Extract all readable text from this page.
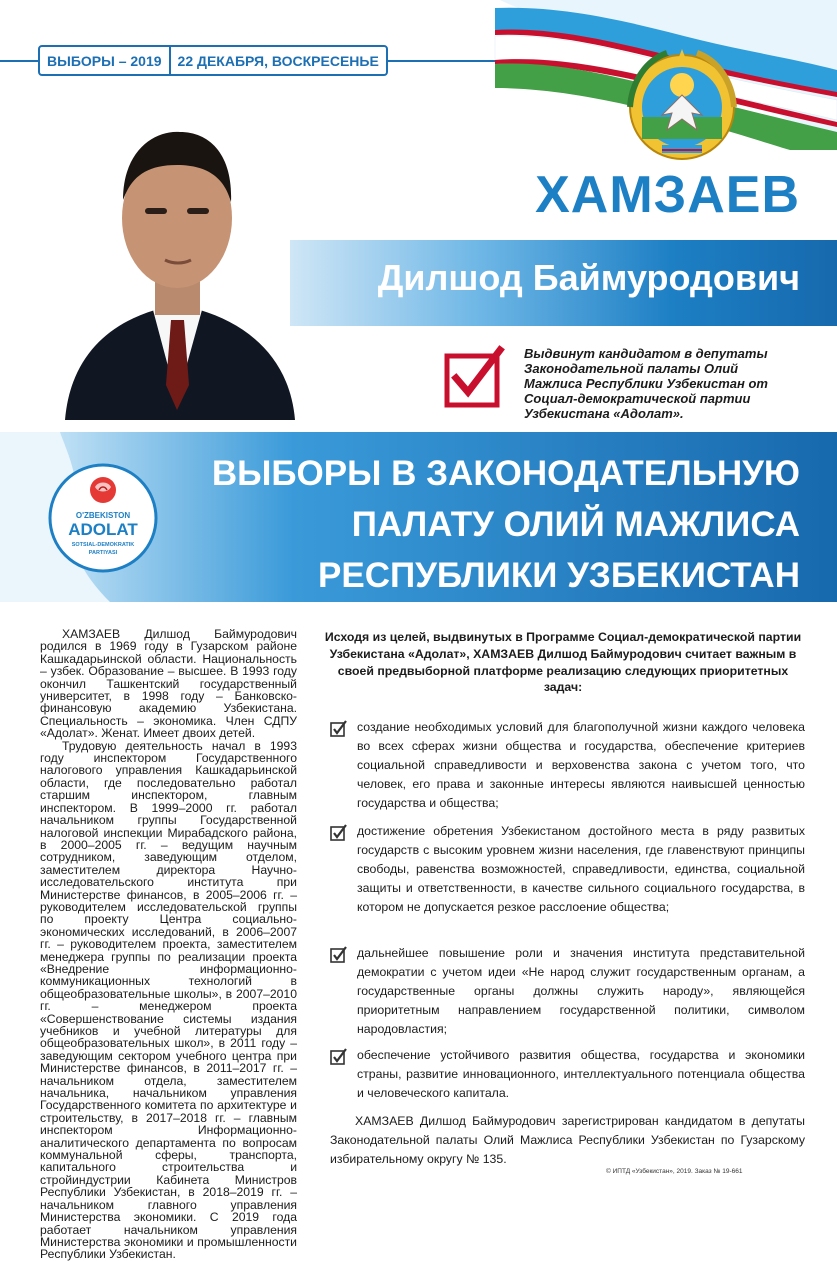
ВЫБОРЫ – 2019	22 ДЕКАБРЯ, ВОСКРЕСЕНЬЕ
ХАМЗАЕВ
Дилшод Баймуродович
Выдвинут кандидатом в депутаты Законодательной палаты Олий Мажлиса Республики Узбекистан от Социал-демократической партии Узбекистана «Адолат».
ВЫБОРЫ В ЗАКОНОДАТЕЛЬНУЮ
ПАЛАТУ ОЛИЙ МАЖЛИСА
РЕСПУБЛИКИ УЗБЕКИСТАН
O'ZBEKISTON
ADOLAT
SOTSIAL-DEMOKRATIK
PARTIYASI

ХАМЗАЕВ Дилшод Баймуродович родился в 1969 году в Гузарском районе Кашкадарьинской области. Национальность – узбек. Образование – высшее. В 1993 году окончил Ташкентский государственный университет, в 1998 году – Банковско-финансовую академию Узбекистана. Специальность – экономика. Член СДПУ «Адолат». Женат. Имеет двоих детей.

Трудовую деятельность начал в 1993 году инспектором Государственного налогового управления Кашкадарьинской области, где последовательно работал старшим инспектором, главным инспектором. В 1999–2000 гг. работал начальником группы Государственной налоговой инспекции Мирабадского района, в 2000–2005 гг. – ведущим научным сотрудником, заведующим отделом, заместителем директора Научно-исследовательского института при Министерстве финансов, в 2005–2006 гг. – руководителем исследовательской группы по проекту Центра социально-экономических исследований, в 2006–2007 гг. – руководителем проекта, заместителем менеджера группы по реализации проекта «Внедрение информационно-коммуникационных технологий в общеобразовательные школы», в 2007–2010 гг. – менеджером проекта «Совершенствование системы издания учебников и учебной литературы для общеобразовательных школ», в 2011 году – заведующим сектором учебного центра при Министерстве финансов, в 2011–2017 гг. – начальником отдела, заместителем начальника, начальником управления Государственного комитета по архитектуре и строительству, в 2017–2018 гг. – главным инспектором Информационно-аналитического департамента по вопросам коммунальной сферы, транспорта, капитального строительства и стройиндустрии Кабинета Министров Республики Узбекистан, в 2018–2019 гг. – начальником главного управления Министерства экономики. С 2019 года работает начальником управления Министерства экономики и промышленности Республики Узбекистан.

Исходя из целей, выдвинутых в Программе Социал-демократической партии Узбекистана «Адолат», ХАМЗАЕВ Дилшод Баймуродович считает важным в своей предвыборной платформе реализацию следующих приоритетных задач:
создание необходимых условий для благополучной жизни каждого человека во всех сферах жизни общества и государства, обеспечение критериев социальной справедливости и верховенства закона с учетом того, что человек, его права и законные интересы являются наивысшей ценностью государства и общества;
достижение обретения Узбекистаном достойного места в ряду развитых государств с высоким уровнем жизни населения, где главенствуют принципы свободы, равенства возможностей, справедливости, единства, социальной защиты и ответственности, в качестве сильного социального государства, в котором не допускается резкое расслоение общества;
дальнейшее повышение роли и значения института представительной демократии с учетом идеи «Не народ служит государственным органам, а государственные органы должны служить народу», являющейся приоритетным направлением государственной политики, символом народовластия;
обеспечение устойчивого развития общества, государства и экономики страны, развитие инновационного, интеллектуального потенциала общества и человеческого капитала.
ХАМЗАЕВ Дилшод Баймуродович зарегистрирован кандидатом в депутаты Законодательной палаты Олий Мажлиса Республики Узбекистан по Гузарскому избирательному округу № 135.
© ИПТД «Узбекистан», 2019. Заказ № 19-661
